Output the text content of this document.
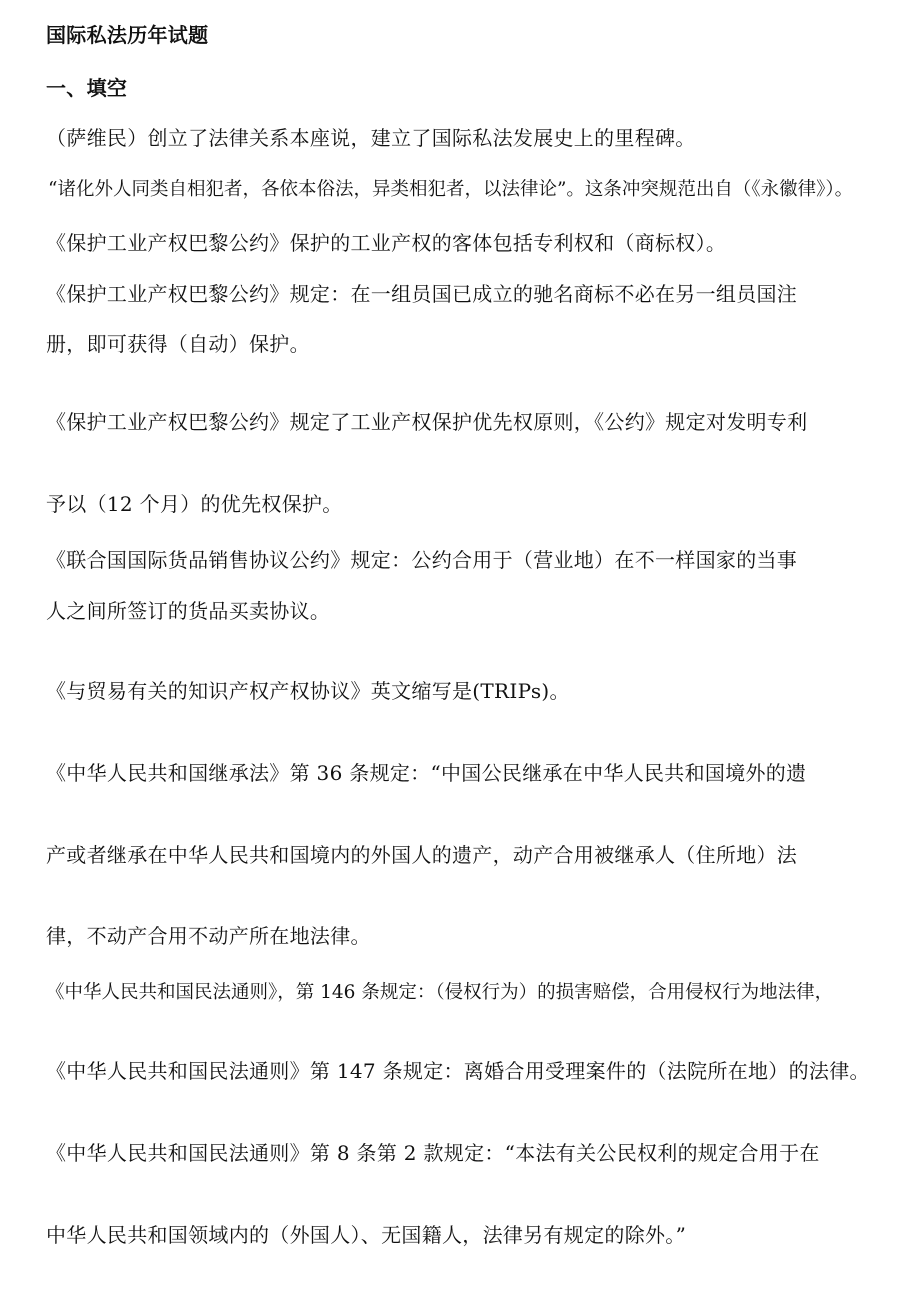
国际私法历年试题
一、填空
（萨维民）创立了法律关系本座说，建立了国际私法发展史上的里程碑。
“诸化外人同类自相犯者，各依本俗法，异类相犯者，以法律论”。这条冲突规范出自（《永徽律》）。
《保护工业产权巴黎公约》保护的工业产权的客体包括专利权和（商标权）。
《保护工业产权巴黎公约》规定：在一组员国已成立的驰名商标不必在另一组员国注
册，即可获得（自动）保护。
《保护工业产权巴黎公约》规定了工业产权保护优先权原则，《公约》规定对发明专利
予以（12 个月）的优先权保护。
《联合国国际货品销售协议公约》规定：公约合用于（营业地）在不一样国家的当事
人之间所签订的货品买卖协议。
《与贸易有关的知识产权产权协议》英文缩写是(TRIPs)。
《中华人民共和国继承法》第 36 条规定：“中国公民继承在中华人民共和国境外的遗
产或者继承在中华人民共和国境内的外国人的遗产，动产合用被继承人（住所地）法
律，不动产合用不动产所在地法律。
《中华人民共和国民法通则》，第 146 条规定：（侵权行为）的损害赔偿，合用侵权行为地法律，
《中华人民共和国民法通则》第 147 条规定：离婚合用受理案件的（法院所在地）的法律。
《中华人民共和国民法通则》第 8 条第 2 款规定：“本法有关公民权利的规定合用于在
中华人民共和国领域内的（外国人）、无国籍人，法律另有规定的除外。”
